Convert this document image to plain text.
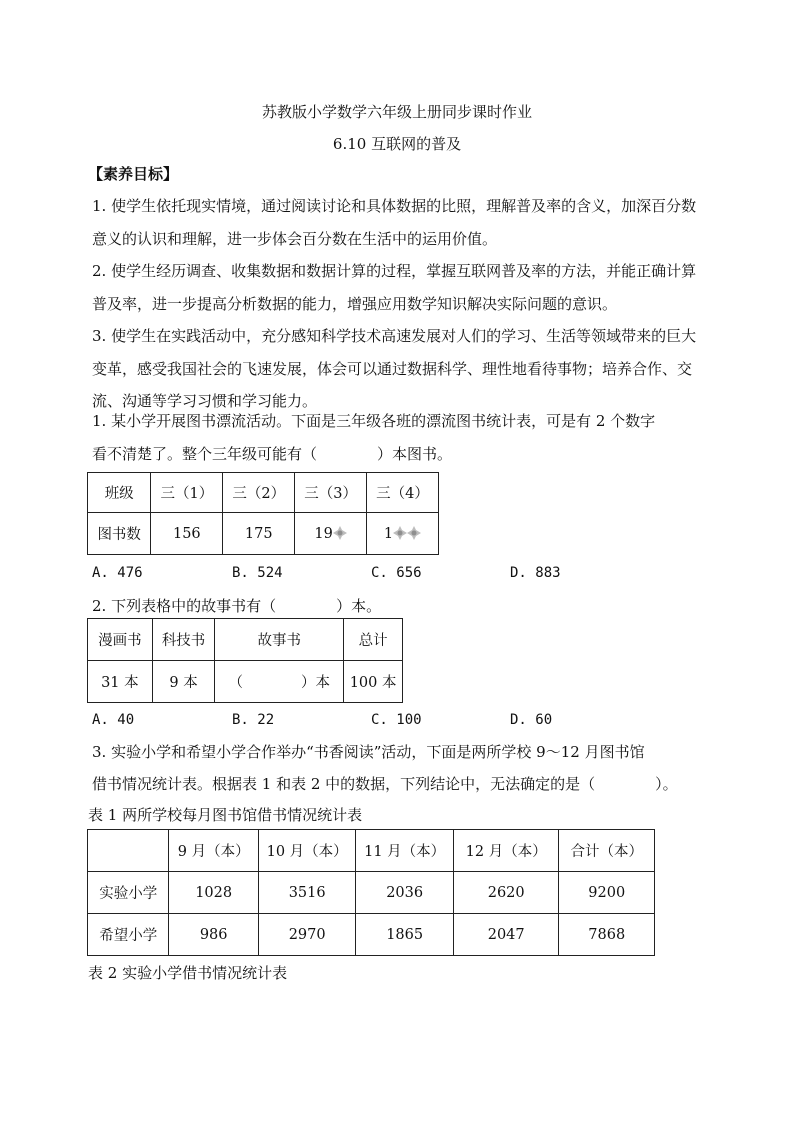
苏教版小学数学六年级上册同步课时作业
6.10 互联网的普及
【素养目标】
1. 使学生依托现实情境，通过阅读讨论和具体数据的比照，理解普及率的含义，加深百分数意义的认识和理解，进一步体会百分数在生活中的运用价值。
2. 使学生经历调查、收集数据和数据计算的过程，掌握互联网普及率的方法，并能正确计算普及率，进一步提高分析数据的能力，增强应用数学知识解决实际问题的意识。
3. 使学生在实践活动中，充分感知科学技术高速发展对人们的学习、生活等领域带来的巨大变革，感受我国社会的飞速发展，体会可以通过数据科学、理性地看待事物；培养合作、交流、沟通等学习习惯和学习能力。
1. 某小学开展图书漂流活动。下面是三年级各班的漂流图书统计表，可是有 2 个数字
看不清楚了。整个三年级可能有（　　　　）本图书。
班级	三（1）	三（2）	三（3）	三（4）
图书数	156	175	19	1
A. 476	B. 524	C. 656	D. 883
2. 下列表格中的故事书有（　　　　）本。
漫画书	科技书	故事书	总计
31 本	9 本	（　　　　）本	100 本
A. 40	B. 22	C. 100	D. 60
3. 实验小学和希望小学合作举办“书香阅读”活动，下面是两所学校 9～12 月图书馆
借书情况统计表。根据表 1 和表 2 中的数据，下列结论中，无法确定的是（　　　　）。
表 1 两所学校每月图书馆借书情况统计表
	9 月（本）	10 月（本）	11 月（本）	12 月（本）	合计（本）
实验小学	1028	3516	2036	2620	9200
希望小学	986	2970	1865	2047	7868
表 2 实验小学借书情况统计表
